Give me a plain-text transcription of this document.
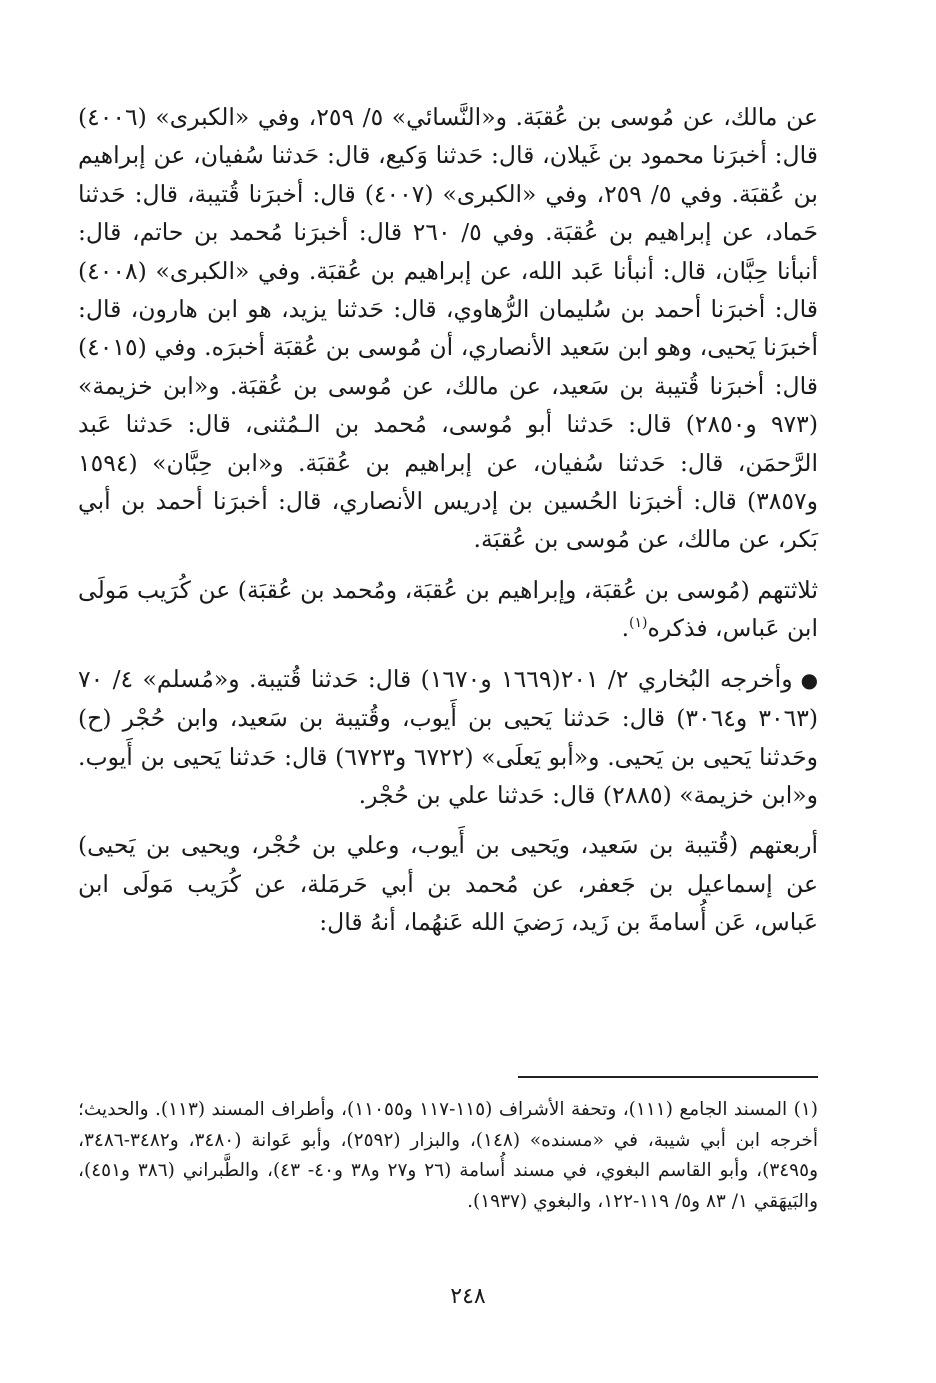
عن مالك، عن مُوسى بن عُقبَة. و«النَّسائي» ٥/ ٢٥٩، وفي «الكبرى» (٤٠٠٦) قال: أخبرَنا محمود بن غَيلان، قال: حَدثنا وَكيع، قال: حَدثنا سُفيان، عن إبراهيم بن عُقبَة. وفي ٥/ ٢٥٩، وفي «الكبرى» (٤٠٠٧) قال: أخبرَنا قُتيبة، قال: حَدثنا حَماد، عن إبراهيم بن عُقبَة. وفي ٥/ ٢٦٠ قال: أخبرَنا مُحمد بن حاتم، قال: أنبأنا حِبَّان، قال: أنبأنا عَبد الله، عن إبراهيم بن عُقبَة. وفي «الكبرى» (٤٠٠٨) قال: أخبرَنا أحمد بن سُليمان الرُّهاوي، قال: حَدثنا يزيد، هو ابن هارون، قال: أخبرَنا يَحيى، وهو ابن سَعيد الأنصاري، أن مُوسى بن عُقبَة أخبرَه. وفي (٤٠١٥) قال: أخبرَنا قُتيبة بن سَعيد، عن مالك، عن مُوسى بن عُقبَة. و«ابن خزيمة» (٩٧٣ و٢٨٥٠) قال: حَدثنا أبو مُوسى، مُحمد بن الـمُثنى، قال: حَدثنا عَبد الرَّحمَن، قال: حَدثنا سُفيان، عن إبراهيم بن عُقبَة. و«ابن حِبَّان» (١٥٩٤ و٣٨٥٧) قال: أخبرَنا الحُسين بن إدريس الأنصاري، قال: أخبرَنا أحمد بن أبي بَكر، عن مالك، عن مُوسى بن عُقبَة.

ثلاثتهم (مُوسى بن عُقبَة، وإبراهيم بن عُقبَة، ومُحمد بن عُقبَة) عن كُرَيب مَولَى ابن عَباس، فذكره$^{(١)}$.

●وأخرجه البُخاري ٢/ ٢٠١(١٦٦٩ و١٦٧٠) قال: حَدثنا قُتيبة. و«مُسلم» ٤/ ٧٠ (٣٠٦٣ و٣٠٦٤) قال: حَدثنا يَحيى بن أَيوب، وقُتيبة بن سَعيد، وابن حُجْر (ح) وحَدثنا يَحيى بن يَحيى. و«أبو يَعلَى» (٦٧٢٢ و٦٧٢٣) قال: حَدثنا يَحيى بن أَيوب. و«ابن خزيمة» (٢٨٨٥) قال: حَدثنا علي بن حُجْر.

أربعتهم (قُتيبة بن سَعيد، ويَحيى بن أَيوب، وعلي بن حُجْر، ويحيى بن يَحيى) عن إسماعيل بن جَعفر، عن مُحمد بن أبي حَرمَلة، عن كُرَيب مَولَى ابن عَباس، عَن أُسامةَ بن زَيد، رَضيَ الله عَنهُما، أنهُ قال:

(١) المسند الجامع (١١١)، وتحفة الأشراف (١١٥-١١٧ و١١٠٥٥)، وأطراف المسند (١١٣). والحديث؛ أخرجه ابن أبي شيبة، في «مسنده» (١٤٨)، والبزار (٢٥٩٢)، وأبو عَوانة (٣٤٨٠، و٣٤٨٢-٣٤٨٦، و٣٤٩٥)، وأبو القاسم البغوي، في مسند أُسامة (٢٦ و٢٧ و٣٨ و٤٠- ٤٣)، والطَّبراني (٣٨٦ و٤٥١)، والبَيهَقي ١/ ٨٣ و٥/ ١١٩-١٢٢، والبغوي (١٩٣٧).
٢٤٨
